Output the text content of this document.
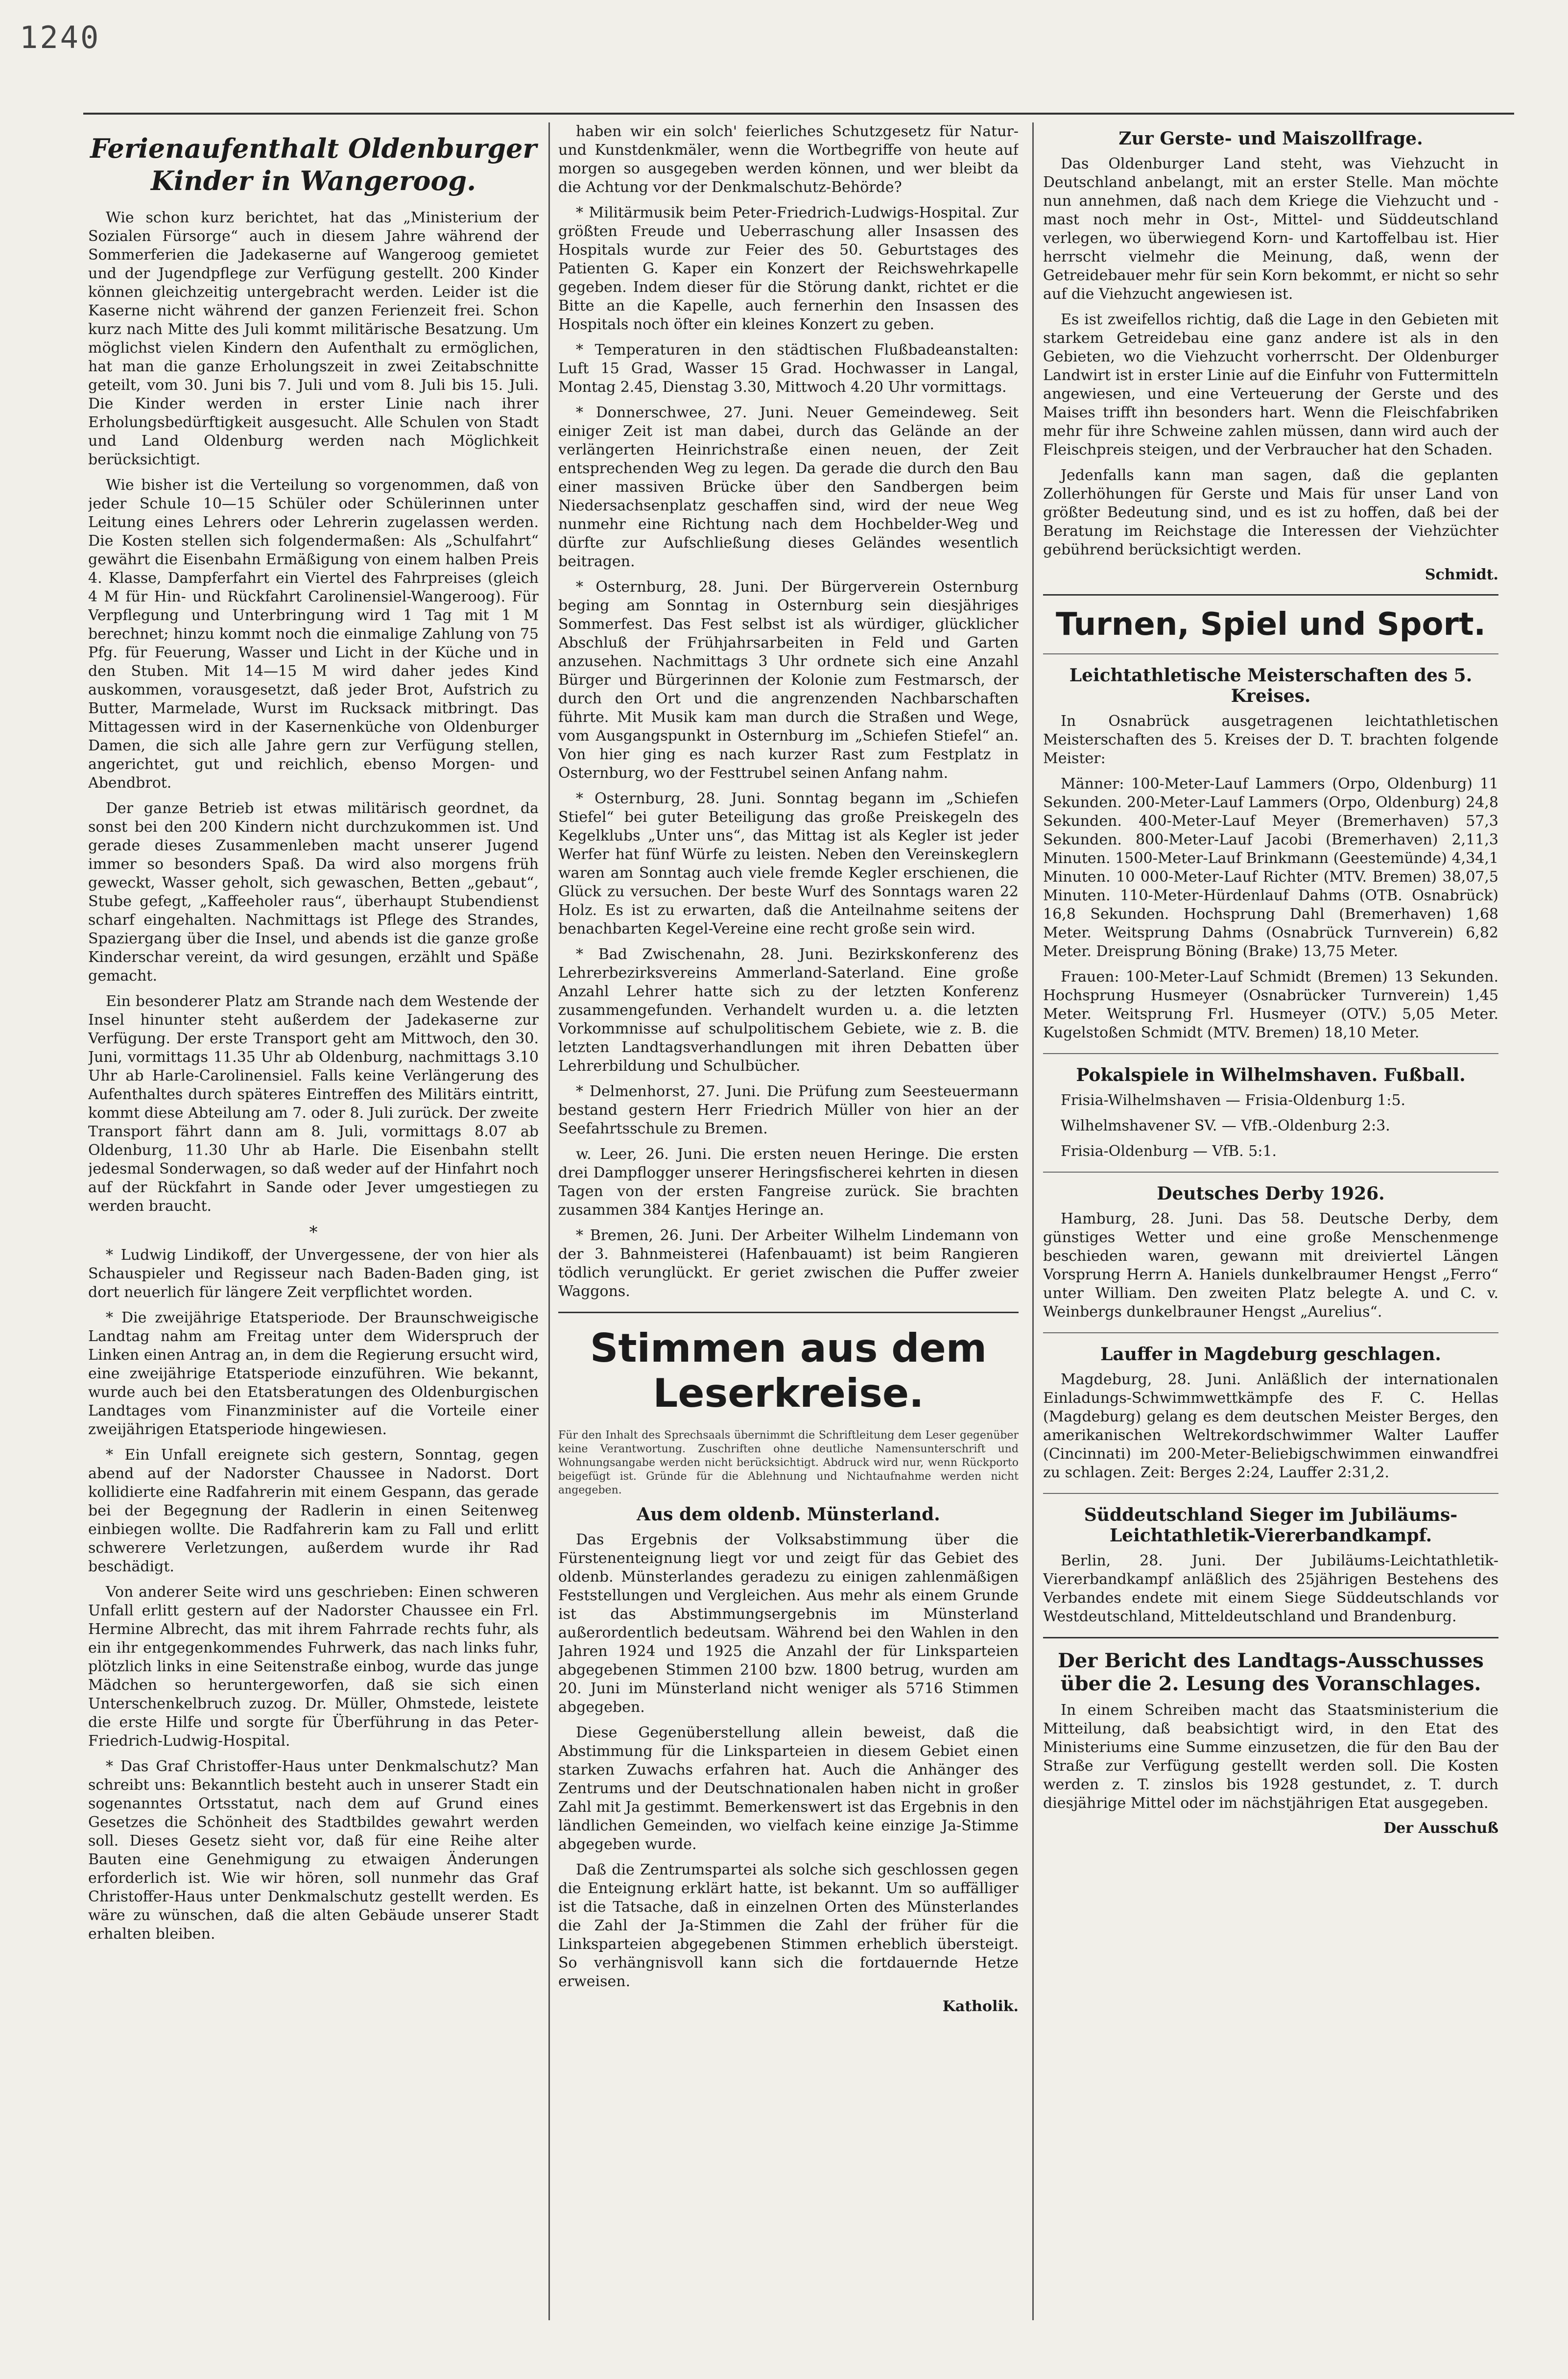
1240
Ferienaufenthalt Oldenburger Kinder in Wangeroog.

Wie schon kurz berichtet, hat das „Ministerium der Sozialen Fürsorge“ auch in diesem Jahre während der Sommerferien die Jadekaserne auf Wangeroog gemietet und der Jugendpflege zur Verfügung gestellt. 200 Kinder können gleichzeitig untergebracht werden. Leider ist die Kaserne nicht während der ganzen Ferienzeit frei. Schon kurz nach Mitte des Juli kommt militärische Besatzung. Um möglichst vielen Kindern den Aufenthalt zu ermöglichen, hat man die ganze Erholungszeit in zwei Zeitabschnitte geteilt, vom 30. Juni bis 7. Juli und vom 8. Juli bis 15. Juli. Die Kinder werden in erster Linie nach ihrer Erholungsbedürftigkeit ausgesucht. Alle Schulen von Stadt und Land Oldenburg werden nach Möglichkeit berücksichtigt.

Wie bisher ist die Verteilung so vorgenommen, daß von jeder Schule 10—15 Schüler oder Schülerinnen unter Leitung eines Lehrers oder Lehrerin zugelassen werden. Die Kosten stellen sich folgendermaßen: Als „Schulfahrt“ gewährt die Eisenbahn Ermäßigung von einem halben Preis 4. Klasse, Dampferfahrt ein Viertel des Fahrpreises (gleich 4 M für Hin- und Rückfahrt Carolinensiel-Wangeroog). Für Verpflegung und Unterbringung wird 1 Tag mit 1 M berechnet; hinzu kommt noch die einmalige Zahlung von 75 Pfg. für Feuerung, Wasser und Licht in der Küche und in den Stuben. Mit 14—15 M wird daher jedes Kind auskommen, vorausgesetzt, daß jeder Brot, Aufstrich zu Butter, Marmelade, Wurst im Rucksack mitbringt. Das Mittagessen wird in der Kasernenküche von Oldenburger Damen, die sich alle Jahre gern zur Verfügung stellen, angerichtet, gut und reichlich, ebenso Morgen- und Abendbrot.

Der ganze Betrieb ist etwas militärisch geordnet, da sonst bei den 200 Kindern nicht durchzukommen ist. Und gerade dieses Zusammenleben macht unserer Jugend immer so besonders Spaß. Da wird also morgens früh geweckt, Wasser geholt, sich gewaschen, Betten „gebaut“, Stube gefegt, „Kaffeeholer raus“, überhaupt Stubendienst scharf eingehalten. Nachmittags ist Pflege des Strandes, Spaziergang über die Insel, und abends ist die ganze große Kinderschar vereint, da wird gesungen, erzählt und Späße gemacht.

Ein besonderer Platz am Strande nach dem Westende der Insel hinunter steht außerdem der Jadekaserne zur Verfügung. Der erste Transport geht am Mittwoch, den 30. Juni, vormittags 11.35 Uhr ab Oldenburg, nachmittags 3.10 Uhr ab Harle-Carolinensiel. Falls keine Verlängerung des Aufenthaltes durch späteres Eintreffen des Militärs eintritt, kommt diese Abteilung am 7. oder 8. Juli zurück. Der zweite Transport fährt dann am 8. Juli, vormittags 8.07 ab Oldenburg, 11.30 Uhr ab Harle. Die Eisenbahn stellt jedesmal Sonderwagen, so daß weder auf der Hinfahrt noch auf der Rückfahrt in Sande oder Jever umgestiegen zu werden braucht.

*

* Ludwig Lindikoff, der Unvergessene, der von hier als Schauspieler und Regisseur nach Baden-Baden ging, ist dort neuerlich für längere Zeit verpflichtet worden.

* Die zweijährige Etatsperiode. Der Braunschweigische Landtag nahm am Freitag unter dem Widerspruch der Linken einen Antrag an, in dem die Regierung ersucht wird, eine zweijährige Etatsperiode einzuführen. Wie bekannt, wurde auch bei den Etatsberatungen des Oldenburgischen Landtages vom Finanzminister auf die Vorteile einer zweijährigen Etatsperiode hingewiesen.

* Ein Unfall ereignete sich gestern, Sonntag, gegen abend auf der Nadorster Chaussee in Nadorst. Dort kollidierte eine Radfahrerin mit einem Gespann, das gerade bei der Begegnung der Radlerin in einen Seitenweg einbiegen wollte. Die Radfahrerin kam zu Fall und erlitt schwerere Verletzungen, außerdem wurde ihr Rad beschädigt.

Von anderer Seite wird uns geschrieben: Einen schweren Unfall erlitt gestern auf der Nadorster Chaussee ein Frl. Hermine Albrecht, das mit ihrem Fahrrade rechts fuhr, als ein ihr entgegenkommendes Fuhrwerk, das nach links fuhr, plötzlich links in eine Seitenstraße einbog, wurde das junge Mädchen so heruntergeworfen, daß sie sich einen Unterschenkelbruch zuzog. Dr. Müller, Ohmstede, leistete die erste Hilfe und sorgte für Überführung in das Peter-Friedrich-Ludwig-Hospital.

* Das Graf Christoffer-Haus unter Denkmalschutz? Man schreibt uns: Bekanntlich besteht auch in unserer Stadt ein sogenanntes Ortsstatut, nach dem auf Grund eines Gesetzes die Schönheit des Stadtbildes gewahrt werden soll. Dieses Gesetz sieht vor, daß für eine Reihe alter Bauten eine Genehmigung zu etwaigen Änderungen erforderlich ist. Wie wir hören, soll nunmehr das Graf Christoffer-Haus unter Denkmalschutz gestellt werden. Es wäre zu wünschen, daß die alten Gebäude unserer Stadt erhalten bleiben.

haben wir ein solch' feierliches Schutzgesetz für Natur- und Kunstdenkmäler, wenn die Wortbegriffe von heute auf morgen so ausgegeben werden können, und wer bleibt da die Achtung vor der Denkmalschutz-Behörde?

* Militärmusik beim Peter-Friedrich-Ludwigs-Hospital. Zur größten Freude und Ueberraschung aller Insassen des Hospitals wurde zur Feier des 50. Geburtstages des Patienten G. Kaper ein Konzert der Reichswehrkapelle gegeben. Indem dieser für die Störung dankt, richtet er die Bitte an die Kapelle, auch fernerhin den Insassen des Hospitals noch öfter ein kleines Konzert zu geben.

* Temperaturen in den städtischen Flußbadeanstalten: Luft 15 Grad, Wasser 15 Grad. Hochwasser in Langal, Montag 2.45, Dienstag 3.30, Mittwoch 4.20 Uhr vormittags.

* Donnerschwee, 27. Juni. Neuer Gemeindeweg. Seit einiger Zeit ist man dabei, durch das Gelände an der verlängerten Heinrichstraße einen neuen, der Zeit entsprechenden Weg zu legen. Da gerade die durch den Bau einer massiven Brücke über den Sandbergen beim Niedersachsenplatz geschaffen sind, wird der neue Weg nunmehr eine Richtung nach dem Hochbelder-Weg und dürfte zur Aufschließung dieses Geländes wesentlich beitragen.

* Osternburg, 28. Juni. Der Bürgerverein Osternburg beging am Sonntag in Osternburg sein diesjähriges Sommerfest. Das Fest selbst ist als würdiger, glücklicher Abschluß der Frühjahrsarbeiten in Feld und Garten anzusehen. Nachmittags 3 Uhr ordnete sich eine Anzahl Bürger und Bürgerinnen der Kolonie zum Festmarsch, der durch den Ort und die angrenzenden Nachbarschaften führte. Mit Musik kam man durch die Straßen und Wege, vom Ausgangspunkt in Osternburg im „Schiefen Stiefel“ an. Von hier ging es nach kurzer Rast zum Festplatz in Osternburg, wo der Festtrubel seinen Anfang nahm.

* Osternburg, 28. Juni. Sonntag begann im „Schiefen Stiefel“ bei guter Beteiligung das große Preiskegeln des Kegelklubs „Unter uns“, das Mittag ist als Kegler ist jeder Werfer hat fünf Würfe zu leisten. Neben den Vereinskeglern waren am Sonntag auch viele fremde Kegler erschienen, die Glück zu versuchen. Der beste Wurf des Sonntags waren 22 Holz. Es ist zu erwarten, daß die Anteilnahme seitens der benachbarten Kegel-Vereine eine recht große sein wird.

* Bad Zwischenahn, 28. Juni. Bezirkskonferenz des Lehrerbezirksvereins Ammerland-Saterland. Eine große Anzahl Lehrer hatte sich zu der letzten Konferenz zusammengefunden. Verhandelt wurden u. a. die letzten Vorkommnisse auf schulpolitischem Gebiete, wie z. B. die letzten Landtagsverhandlungen mit ihren Debatten über Lehrerbildung und Schulbücher.

* Delmenhorst, 27. Juni. Die Prüfung zum Seesteuermann bestand gestern Herr Friedrich Müller von hier an der Seefahrtsschule zu Bremen.

w. Leer, 26. Juni. Die ersten neuen Heringe. Die ersten drei Dampflogger unserer Heringsfischerei kehrten in diesen Tagen von der ersten Fangreise zurück. Sie brachten zusammen 384 Kantjes Heringe an.

* Bremen, 26. Juni. Der Arbeiter Wilhelm Lindemann von der 3. Bahnmeisterei (Hafenbauamt) ist beim Rangieren tödlich verunglückt. Er geriet zwischen die Puffer zweier Waggons.

Stimmen aus dem Leserkreise.
Für den Inhalt des Sprechsaals übernimmt die Schriftleitung dem Leser gegenüber keine Verantwortung. Zuschriften ohne deutliche Namensunterschrift und Wohnungsangabe werden nicht berücksichtigt. Abdruck wird nur, wenn Rückporto beigefügt ist. Gründe für die Ablehnung und Nichtaufnahme werden nicht angegeben.
Aus dem oldenb. Münsterland.

Das Ergebnis der Volksabstimmung über die Fürstenenteignung liegt vor und zeigt für das Gebiet des oldenb. Münsterlandes geradezu zu einigen zahlenmäßigen Feststellungen und Vergleichen. Aus mehr als einem Grunde ist das Abstimmungsergebnis im Münsterland außerordentlich bedeutsam. Während bei den Wahlen in den Jahren 1924 und 1925 die Anzahl der für Linksparteien abgegebenen Stimmen 2100 bzw. 1800 betrug, wurden am 20. Juni im Münsterland nicht weniger als 5716 Stimmen abgegeben.

Diese Gegenüberstellung allein beweist, daß die Abstimmung für die Linksparteien in diesem Gebiet einen starken Zuwachs erfahren hat. Auch die Anhänger des Zentrums und der Deutschnationalen haben nicht in großer Zahl mit Ja gestimmt. Bemerkenswert ist das Ergebnis in den ländlichen Gemeinden, wo vielfach keine einzige Ja-Stimme abgegeben wurde.

Daß die Zentrumspartei als solche sich geschlossen gegen die Enteignung erklärt hatte, ist bekannt. Um so auffälliger ist die Tatsache, daß in einzelnen Orten des Münsterlandes die Zahl der Ja-Stimmen die Zahl der früher für die Linksparteien abgegebenen Stimmen erheblich übersteigt. So verhängnisvoll kann sich die fortdauernde Hetze erweisen.

Katholik.
Zur Gerste- und Maiszollfrage.

Das Oldenburger Land steht, was Viehzucht in Deutschland anbelangt, mit an erster Stelle. Man möchte nun annehmen, daß nach dem Kriege die Viehzucht und -mast noch mehr in Ost-, Mittel- und Süddeutschland verlegen, wo überwiegend Korn- und Kartoffelbau ist. Hier herrscht vielmehr die Meinung, daß, wenn der Getreidebauer mehr für sein Korn bekommt, er nicht so sehr auf die Viehzucht angewiesen ist.

Es ist zweifellos richtig, daß die Lage in den Gebieten mit starkem Getreidebau eine ganz andere ist als in den Gebieten, wo die Viehzucht vorherrscht. Der Oldenburger Landwirt ist in erster Linie auf die Einfuhr von Futtermitteln angewiesen, und eine Verteuerung der Gerste und des Maises trifft ihn besonders hart. Wenn die Fleischfabriken mehr für ihre Schweine zahlen müssen, dann wird auch der Fleischpreis steigen, und der Verbraucher hat den Schaden.

Jedenfalls kann man sagen, daß die geplanten Zollerhöhungen für Gerste und Mais für unser Land von größter Bedeutung sind, und es ist zu hoffen, daß bei der Beratung im Reichstage die Interessen der Viehzüchter gebührend berücksichtigt werden.

Schmidt.
Turnen, Spiel und Sport.
Leichtathletische Meisterschaften des 5. Kreises.

In Osnabrück ausgetragenen leichtathletischen Meisterschaften des 5. Kreises der D. T. brachten folgende Meister:

Männer: 100-Meter-Lauf Lammers (Orpo, Oldenburg) 11 Sekunden. 200-Meter-Lauf Lammers (Orpo, Oldenburg) 24,8 Sekunden. 400-Meter-Lauf Meyer (Bremerhaven) 57,3 Sekunden. 800-Meter-Lauf Jacobi (Bremerhaven) 2,11,3 Minuten. 1500-Meter-Lauf Brinkmann (Geestemünde) 4,34,1 Minuten. 10 000-Meter-Lauf Richter (MTV. Bremen) 38,07,5 Minuten. 110-Meter-Hürdenlauf Dahms (OTB. Osnabrück) 16,8 Sekunden. Hochsprung Dahl (Bremerhaven) 1,68 Meter. Weitsprung Dahms (Osnabrück Turnverein) 6,82 Meter. Dreisprung Böning (Brake) 13,75 Meter.

Frauen: 100-Meter-Lauf Schmidt (Bremen) 13 Sekunden. Hochsprung Husmeyer (Osnabrücker Turnverein) 1,45 Meter. Weitsprung Frl. Husmeyer (OTV.) 5,05 Meter. Kugelstoßen Schmidt (MTV. Bremen) 18,10 Meter.

Pokalspiele in Wilhelmshaven. Fußball.

Frisia-Wilhelmshaven — Frisia-Oldenburg 1:5.

Wilhelmshavener SV. — VfB.-Oldenburg 2:3.

Frisia-Oldenburg — VfB. 5:1.

Deutsches Derby 1926.

Hamburg, 28. Juni. Das 58. Deutsche Derby, dem günstiges Wetter und eine große Menschenmenge beschieden waren, gewann mit dreiviertel Längen Vorsprung Herrn A. Haniels dunkelbraumer Hengst „Ferro“ unter William. Den zweiten Platz belegte A. und C. v. Weinbergs dunkelbrauner Hengst „Aurelius“.

Lauffer in Magdeburg geschlagen.

Magdeburg, 28. Juni. Anläßlich der internationalen Einladungs-Schwimmwettkämpfe des F. C. Hellas (Magdeburg) gelang es dem deutschen Meister Berges, den amerikanischen Weltrekordschwimmer Walter Lauffer (Cincinnati) im 200-Meter-Beliebigschwimmen einwandfrei zu schlagen. Zeit: Berges 2:24, Lauffer 2:31,2.

Süddeutschland Sieger im Jubiläums-Leichtathletik-Viererbandkampf.

Berlin, 28. Juni. Der Jubiläums-Leichtathletik-Viererbandkampf anläßlich des 25jährigen Bestehens des Verbandes endete mit einem Siege Süddeutschlands vor Westdeutschland, Mitteldeutschland und Brandenburg.

Der Bericht des Landtags-Ausschusses über die 2. Lesung des Voranschlages.

In einem Schreiben macht das Staatsministerium die Mitteilung, daß beabsichtigt wird, in den Etat des Ministeriums eine Summe einzusetzen, die für den Bau der Straße zur Verfügung gestellt werden soll. Die Kosten werden z. T. zinslos bis 1928 gestundet, z. T. durch diesjährige Mittel oder im nächstjährigen Etat ausgegeben.

Der Ausschuß
